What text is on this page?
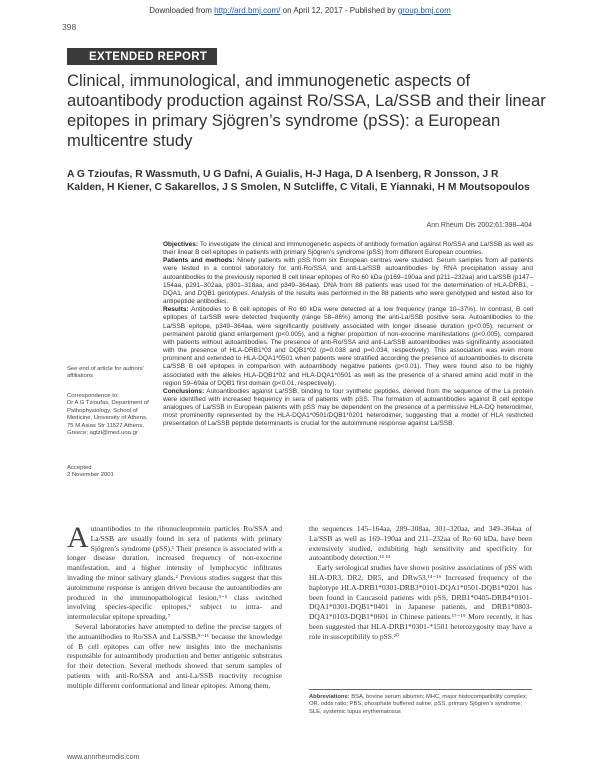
Downloaded from http://ard.bmj.com/ on April 12, 2017 - Published by group.bmj.com
398
EXTENDED REPORT
Clinical, immunological, and immunogenetic aspects of autoantibody production against Ro/SSA, La/SSB and their linear epitopes in primary Sjögren’s syndrome (pSS): a European multicentre study
A G Tzioufas, R Wassmuth, U G Dafni, A Guialis, H-J Haga, D A Isenberg, R Jonsson, J R Kalden, H Kiener, C Sakarellos, J S Smolen, N Sutcliffe, C Vitali, E Yiannaki, H M Moutsopoulos
Ann Rheum Dis 2002;61:398–404

Objectives: To investigate the clinical and immunogenetic aspects of antibody formation against Ro/SSA and La/SSB as well as their linear B cell epitopes in patients with primary Sjögren’s syndrome (pSS) from different European countries.

Patients and methods: Ninety patients with pSS from six European centres were studied. Serum samples from all patients were tested in a control laboratory for anti-Ro/SSA and anti-La/SSB autoantibodies by RNA precipitation assay and autoantibodies to the previously reported B cell linear epitopes of Ro 60 kDa (p169–190aa and p211–232aa) and La/SSB (p147–154aa, p291–302aa, p301–318aa, and p349–364aa). DNA from 88 patients was used for the determination of HLA-DRB1, -DQA1, and DQB1 genotypes. Analysis of the results was performed in the 88 patients who were genotyped and tested also for antipeptide antibodies.

Results: Antibodies to B cell epitopes of Ro 60 kDa were detected at a low frequency (range 10–37%). In contrast, B cell epitopes of La/SSB were detected frequently (range 58–86%) among the anti-La/SSB positive sera. Autoantibodies to the La/SSB epitope, p349–364aa, were significantly positively associated with longer disease duration (p<0.05), recurrent or permanent parotid gland enlargement (p<0.005), and a higher proportion of non-exocrine manifestations (p<0.005), compared with patients without autoantibodies. The presence of anti-Ro/SSA and anti-La/SSB autoantibodies was significantly associated with the presence of HLA-DRB1*03 and DQB1*02 (p=0.038 and p=0.034, respectively). This association was even more prominent and extended to HLA-DQA1*0501 when patients were stratified according the presence of autoantibodies to discrete La/SSB B cell epitopes in comparison with autoantibody negative patients (p<0.01). They were found also to be highly associated with the alleles HLA-DQB1*02 and HLA-DQA1*0501 as well as the presence of a shared amino acid motif in the region 59–69aa of DQB1 first domain (p<0.01, respectively).

Conclusions: Autoantibodies against La/SSB, binding to four synthetic peptides, derived from the sequence of the La protein were identified with increased frequency in sera of patients with pSS. The formation of autoantibodies against B cell epitope analogues of La/SSB in European patients with pSS may be dependent on the presence of a permissive HLA-DQ heterodimer, most prominently represented by the HLA-DQA1*0501/DQB1*0201 heterodimer, suggesting that a model of HLA restricted presentation of La/SSB peptide determinants is crucial for the autoimmune response against La/SSB.

See end of article for authors’ affiliations
Correspondence to:
Dr A G Tzioufas, Department of Pathophysiology, School of Medicine, University of Athens, 75 M Asias Str 11527 Athens, Greece; agtzi@med.uoa.gr
Accepted
2 November 2001

Autoantibodies to the ribonucleoprotein particles Ro/SSA and La/SSB are usually found in sera of patients with primary Sjögren’s syndrome (pSS).¹ Their presence is associated with a longer disease duration, increased frequency of non-exocrine manifestation, and a higher intensity of lymphocytic infiltrates invading the minor salivary glands.² Previous studies suggest that this autoimmune response is antigen driven because the autoantibodies are produced in the immunopathological lesion,³⁻⁵ class switched involving species-specific epitopes,⁶ subject to intra- and intermolecular epitope spreading.⁷

Several laboratories have attempted to define the precise targets of the autoantibodies to Ro/SSA and La/SSB,⁸⁻¹¹ because the knowledge of B cell epitopes can offer new insights into the mechanisms responsible for autoantibody production and better antigenic substrates for their detection. Several methods showed that serum samples of patients with anti-Ro/SSA and anti-La/SSB reactivity recognise multiple different conformational and linear epitopes. Among them,

the sequences 145–164aa, 289–308aa, 301–320aa, and 349–364aa of La/SSB as well as 169–190aa and 211–232aa of Ro 60 kDa, have been extensively studied, exhibiting high sensitivity and specificity for autoantibody detection.¹² ¹³

Early serological studies have shown positive associations of pSS with HLA-DR3, DR2, DR5, and DRw53.¹⁴⁻¹⁶ Increased frequency of the haplotype HLA-DRB1*0301-DRB3*0101-DQA1*0501-DQB1*0201 has been found in Caucasoid patients with pSS, DRB1*0405-DRB4*0101-DQA1*0301-DQB1*0401 in Japanese patients, and DRB1*0803-DQA1*0103-DQB1*0601 in Chinese patients.¹⁷⁻¹⁹ More recently, it has been suggested that HLA-DRB1*0301-*1501 heterozygosity may have a role in susceptibility to pSS.²⁰

Abbreviations: BSA, bovine serum albumin; MHC, major histocompatibility complex; OR, odds ratio; PBS, phosphate buffered saline; pSS, primary Sjögren’s syndrome; SLE, systemic lupus erythematosus
www.annrheumdis.com
